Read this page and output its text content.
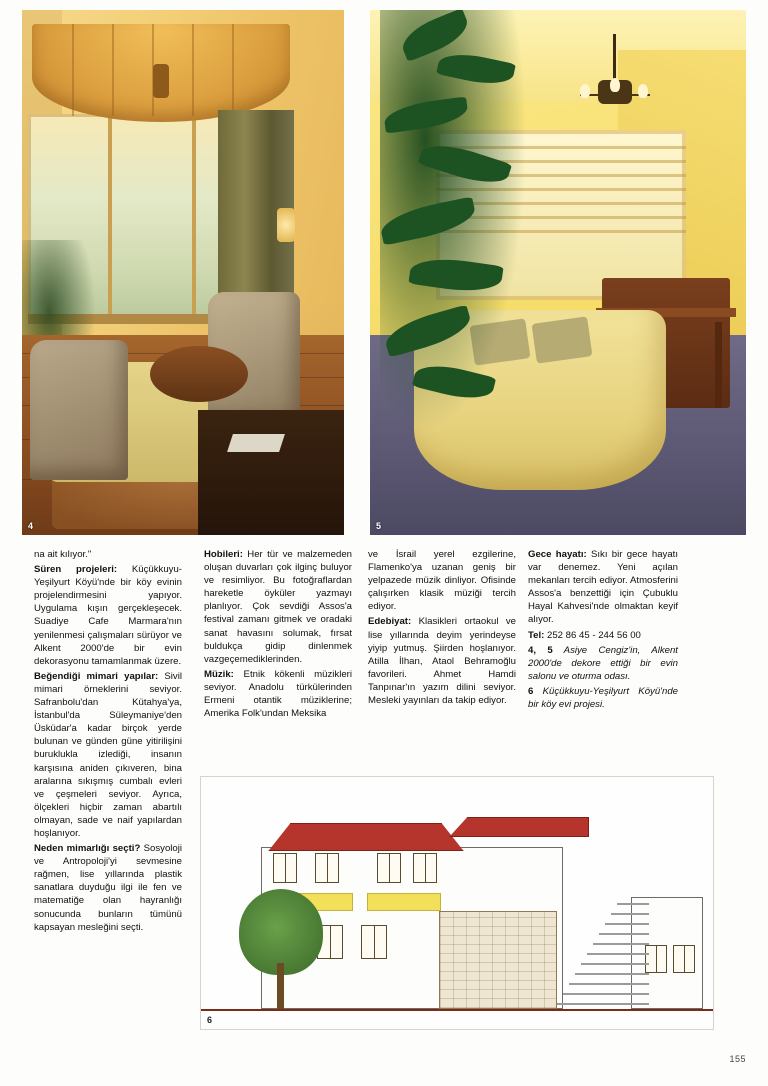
4	5

na ait kılıyor."

Süren projeleri: Küçükkuyu-Yeşilyurt Köyü'nde bir köy evinin projelendirmesini yapıyor. Uygulama kışın gerçekleşecek. Suadiye Cafe Marmara'nın yenilenmesi çalışmaları sürüyor ve Alkent 2000'de bir evin dekorasyonu tamamlanmak üzere.

Beğendiği mimari yapılar: Sivil mimari örneklerini seviyor. Safranbolu'dan Kütahya'ya, İstanbul'da Süleymaniye'den Üsküdar'a kadar birçok yerde bulunan ve günden güne yitirilişini buruklukla izlediği, insanın karşısına aniden çıkıveren, bina aralarına sıkışmış cumbalı evleri ve çeşmeleri seviyor. Ayrıca, ölçekleri hiçbir zaman abartılı olmayan, sade ve naif yapılardan hoşlanıyor.

Neden mimarlığı seçti? Sosyoloji ve Antropoloji'yi sevmesine rağmen, lise yıllarında plastik sanatlara duyduğu ilgi ile fen ve matematiğe olan hayranlığı sonucunda bunların tümünü kapsayan mesleğini seçti.

Hobileri: Her tür ve malzemeden oluşan duvarları çok ilginç buluyor ve resimliyor. Bu fotoğraflardan hareketle öyküler yazmayı planlıyor. Çok sevdiği Assos'a festival zamanı gitmek ve oradaki sanat havasını solumak, fırsat buldukça gidip dinlenmek vazgeçemediklerinden.

Müzik: Etnik kökenli müzikleri seviyor. Anadolu türkülerinden Ermeni otantik müziklerine; Amerika Folk'undan Meksika

ve İsrail yerel ezgilerine, Flamenko'ya uzanan geniş bir yelpazede müzik dinliyor. Ofisinde çalışırken klasik müziği tercih ediyor.

Edebiyat: Klasikleri ortaokul ve lise yıllarında deyim yerindeyse yiyip yutmuş. Şiirden hoşlanıyor. Atilla İlhan, Ataol Behramoğlu favorileri. Ahmet Hamdi Tanpınar'ın yazım dilini seviyor. Mesleki yayınları da takip ediyor.

Gece hayatı: Sıkı bir gece hayatı var denemez. Yeni açılan mekanları tercih ediyor. Atmosferini Assos'a benzettiği için Çubuklu Hayal Kahvesi'nde olmaktan keyif alıyor.

Tel: 252 86 45 - 244 56 00

4, 5 Asiye Cengiz'in, Alkent 2000'de dekore ettiği bir evin salonu ve oturma odası.

6 Küçükkuyu-Yeşilyurt Köyü'nde bir köy evi projesi.

6
155
